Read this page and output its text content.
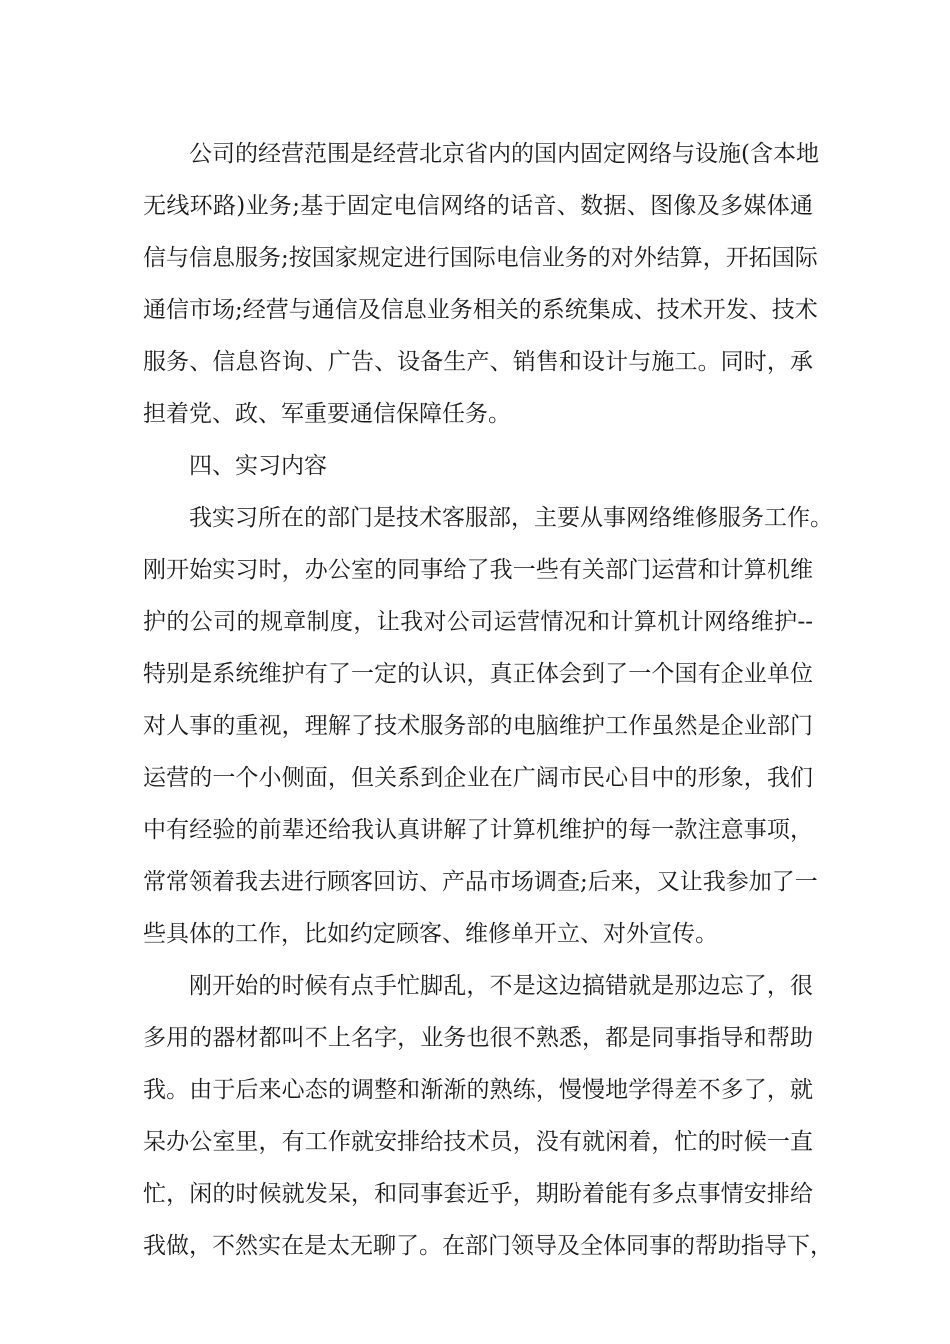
公司的经营范围是经营北京省内的国内固定网络与设施(含本地
无线环路)业务;基于固定电信网络的话音、数据、图像及多媒体通
信与信息服务;按国家规定进行国际电信业务的对外结算，开拓国际
通信市场;经营与通信及信息业务相关的系统集成、技术开发、技术
服务、信息咨询、广告、设备生产、销售和设计与施工。同时，承
担着党、政、军重要通信保障任务。
四、实习内容
我实习所在的部门是技术客服部，主要从事网络维修服务工作。
刚开始实习时，办公室的同事给了我一些有关部门运营和计算机维
护的公司的规章制度，让我对公司运营情况和计算机计网络维护--
特别是系统维护有了一定的认识，真正体会到了一个国有企业单位
对人事的重视，理解了技术服务部的电脑维护工作虽然是企业部门
运营的一个小侧面，但关系到企业在广阔市民心目中的形象，我们
中有经验的前辈还给我认真讲解了计算机维护的每一款注意事项，
常常领着我去进行顾客回访、产品市场调查;后来，又让我参加了一
些具体的工作，比如约定顾客、维修单开立、对外宣传。
刚开始的时候有点手忙脚乱，不是这边搞错就是那边忘了，很
多用的器材都叫不上名字，业务也很不熟悉，都是同事指导和帮助
我。由于后来心态的调整和渐渐的熟练，慢慢地学得差不多了，就
呆办公室里，有工作就安排给技术员，没有就闲着，忙的时候一直
忙，闲的时候就发呆，和同事套近乎，期盼着能有多点事情安排给
我做，不然实在是太无聊了。在部门领导及全体同事的帮助指导下，
